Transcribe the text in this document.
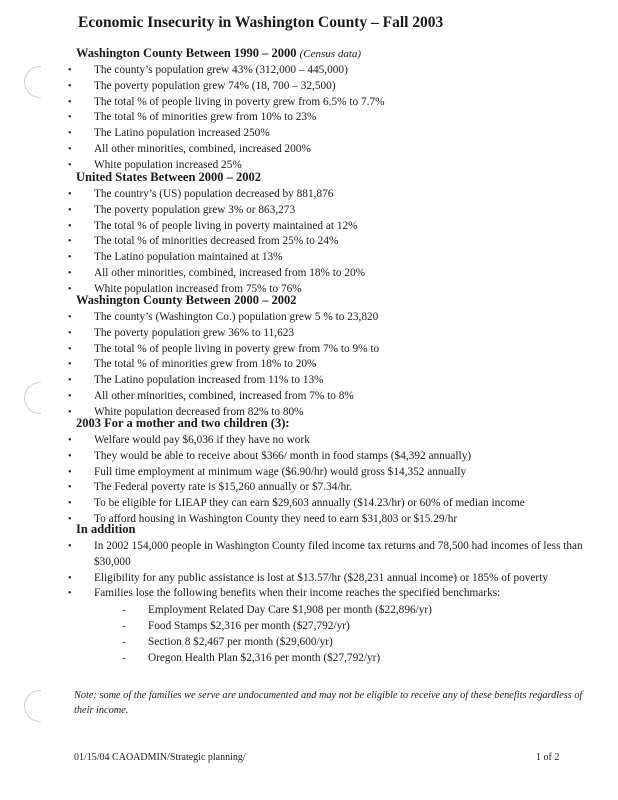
Economic Insecurity in Washington County – Fall 2003
Washington County Between 1990 – 2000 (Census data)
• The county’s population grew 43% (312,000 – 445,000)
• The poverty population grew 74% (18, 700 – 32,500)
• The total % of people living in poverty grew from 6.5% to 7.7%
• The total % of minorities grew from 10% to 23%
• The Latino population increased 250%
• All other minorities, combined, increased 200%
• White population increased 25%
United States Between 2000 – 2002
• The country’s (US) population decreased by 881,876
• The poverty population grew 3% or 863,273
• The total % of people living in poverty maintained at 12%
• The total % of minorities decreased from 25% to 24%
• The Latino population maintained at 13%
• All other minorities, combined, increased from 18% to 20%
• White population increased from 75% to 76%
Washington County Between 2000 – 2002
• The county’s (Washington Co.) population grew 5 % to 23,820
• The poverty population grew 36% to 11,623
• The total % of people living in poverty grew from 7% to 9% to
• The total % of minorities grew from 18% to 20%
• The Latino population increased from 11% to 13%
• All other minorities, combined, increased from 7% to 8%
• White population decreased from 82% to 80%
2003 For a mother and two children (3):
• Welfare would pay $6,036 if they have no work
• They would be able to receive about $366/ month in food stamps ($4,392 annually)
• Full time employment at minimum wage ($6.90/hr) would gross $14,352 annually
• The Federal poverty rate is $15,260 annually or $7.34/hr.
• To be eligible for LIEAP they can earn $29,603 annually ($14.23/hr) or 60% of median income
• To afford housing in Washington County they need to earn $31,803 or $15.29/hr
In addition
• In 2002 154,000 people in Washington County filed income tax returns and 78,500 had incomes of less than $30,000
• Eligibility for any public assistance is lost at $13.57/hr ($28,231 annual income) or 185% of poverty
• Families lose the following benefits when their income reaches the specified benchmarks:
- Employment Related Day Care $1,908 per month ($22,896/yr)
- Food Stamps $2,316 per month ($27,792/yr)
- Section 8 $2,467 per month ($29,600/yr)
- Oregon Health Plan $2,316 per month ($27,792/yr)

Note: some of the families we serve are undocumented and may not be eligible to receive any of these benefits regardless of their income.

01/15/04 CAOADMIN/Strategic planning/	1 of 2
